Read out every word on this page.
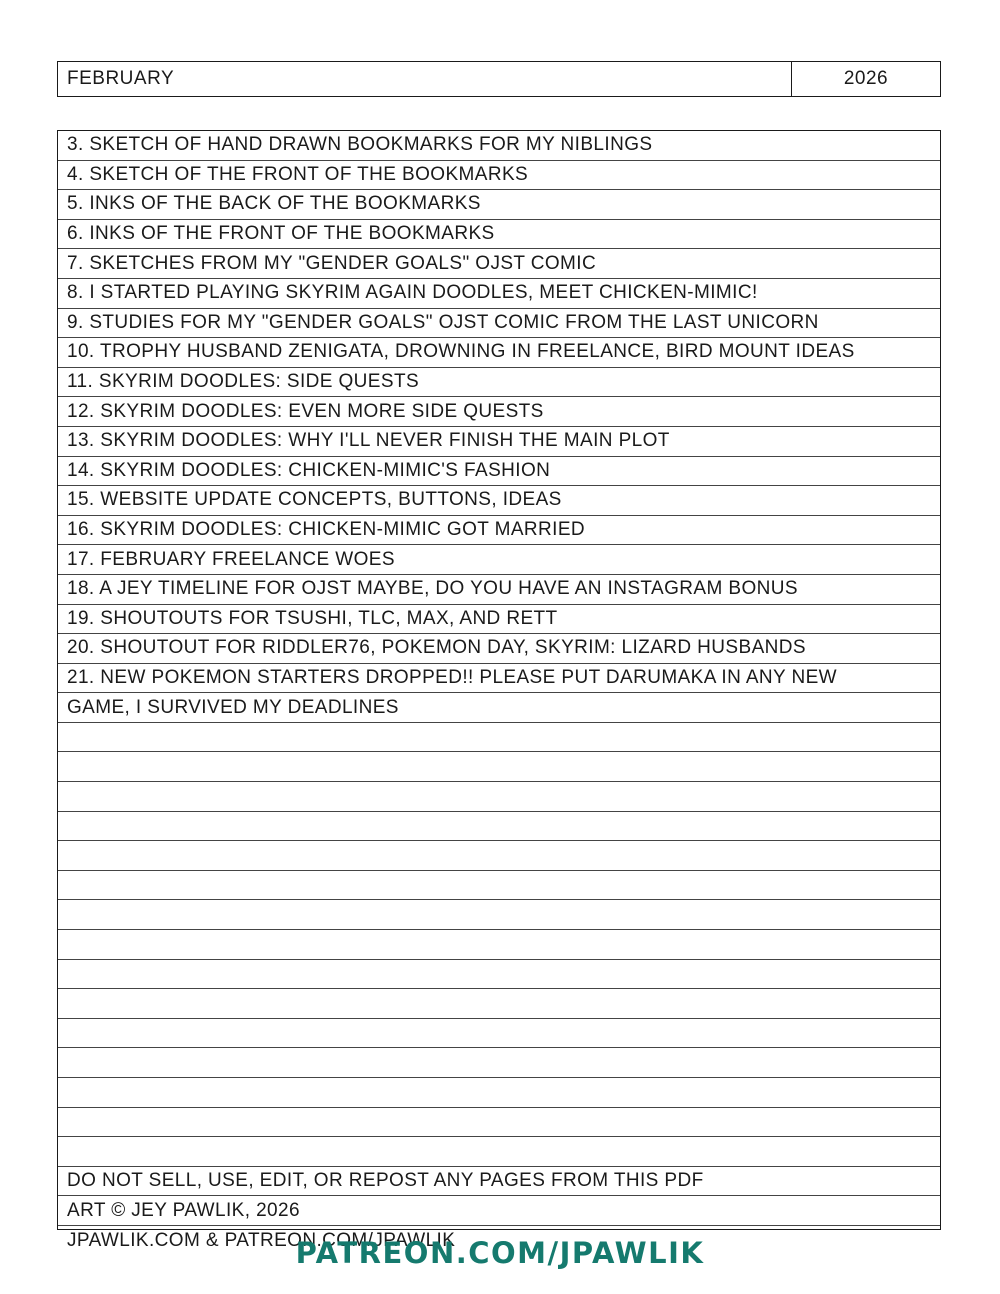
FEBRUARY	2026
3. SKETCH OF HAND DRAWN BOOKMARKS FOR MY NIBLINGS
4. SKETCH OF THE FRONT OF THE BOOKMARKS
5. INKS OF THE BACK OF THE BOOKMARKS
6. INKS OF THE FRONT OF THE BOOKMARKS
7. SKETCHES FROM MY "GENDER GOALS" OJST COMIC
8. I STARTED PLAYING SKYRIM AGAIN DOODLES, MEET CHICKEN-MIMIC!
9. STUDIES FOR MY "GENDER GOALS" OJST COMIC FROM THE LAST UNICORN
10. TROPHY HUSBAND ZENIGATA, DROWNING IN FREELANCE, BIRD MOUNT IDEAS
11. SKYRIM DOODLES: SIDE QUESTS
12. SKYRIM DOODLES: EVEN MORE SIDE QUESTS
13. SKYRIM DOODLES: WHY I'LL NEVER FINISH THE MAIN PLOT
14. SKYRIM DOODLES: CHICKEN-MIMIC'S FASHION
15. WEBSITE UPDATE CONCEPTS, BUTTONS, IDEAS
16. SKYRIM DOODLES: CHICKEN-MIMIC GOT MARRIED
17. FEBRUARY FREELANCE WOES
18. A JEY TIMELINE FOR OJST MAYBE, DO YOU HAVE AN INSTAGRAM BONUS
19. SHOUTOUTS FOR TSUSHI, TLC, MAX, AND RETT
20. SHOUTOUT FOR RIDDLER76, POKEMON DAY, SKYRIM: LIZARD HUSBANDS
21. NEW POKEMON STARTERS DROPPED!! PLEASE PUT DARUMAKA IN ANY NEW
GAME, I SURVIVED MY DEADLINES
DO NOT SELL, USE, EDIT, OR REPOST ANY PAGES FROM THIS PDF
ART © JEY PAWLIK, 2026
JPAWLIK.COM & PATREON.COM/JPAWLIK
PATREON.COM/JPAWLIK
